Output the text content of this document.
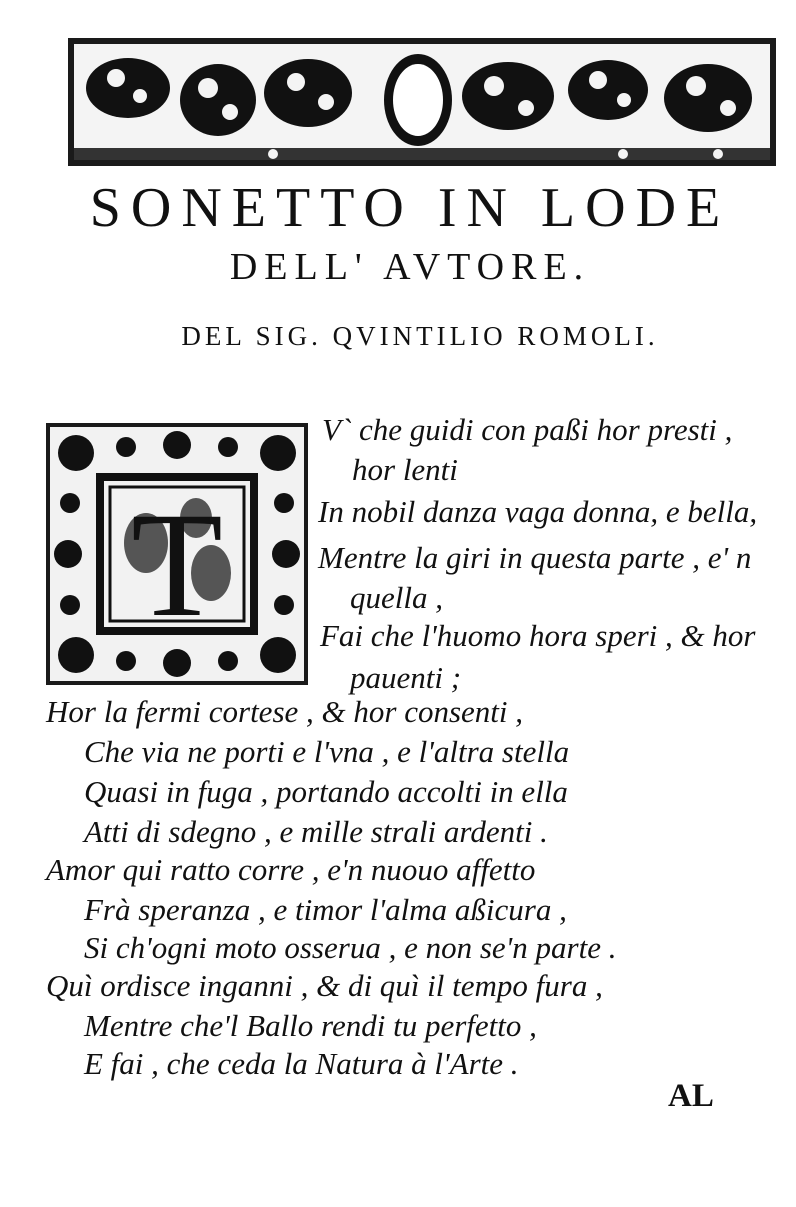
SONETTO IN LODE
DELL' AVTORE.
DEL SIG. QVINTILIO ROMOLI.
T
V` che guidi con paßi hor presti ,
hor lenti
In nobil danza vaga donna, e bella,
Mentre la giri in questa parte , e' n
quella ,
Fai che l'huomo hora speri , & hor
pauenti ;
Hor la fermi cortese , & hor consenti ,
Che via ne porti e l'vna , e l'altra stella
Quasi in fuga , portando accolti in ella
Atti di sdegno , e mille strali ardenti .
Amor qui ratto corre , e'n nuouo affetto
Frà speranza , e timor l'alma aßicura ,
Si ch'ogni moto osserua , e non se'n parte .
Quì ordisce inganni , & di quì il tempo fura ,
Mentre che'l Ballo rendi tu perfetto ,
E fai , che ceda la Natura à l'Arte .
AL
